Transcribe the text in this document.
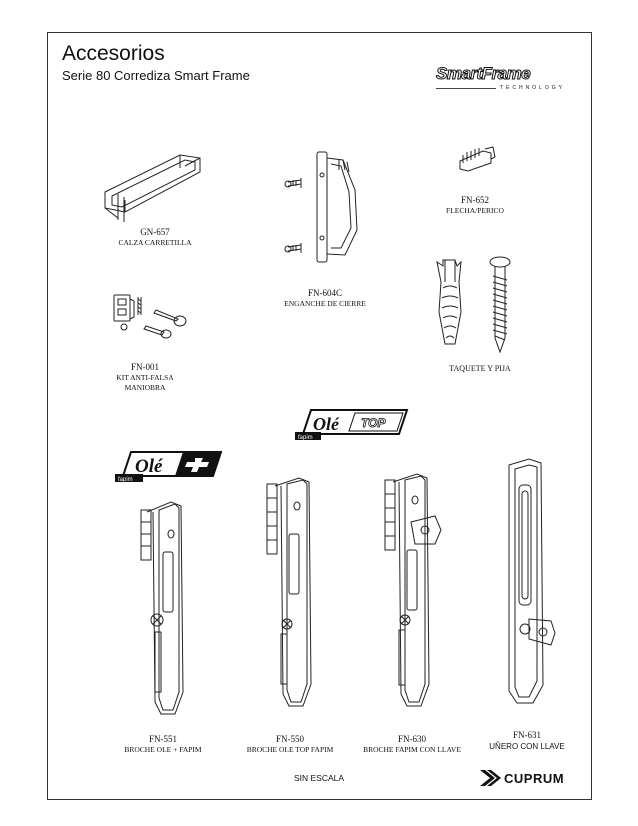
Accesorios
Serie 80 Corrediza Smart Frame	SmartFrame
TECHNOLOGY
GN-657
CALZA CARRETILLA
FN-604C
ENGANCHE DE CIERRE
FN-652
FLECHA/PERICO
FN-001
KIT ANTI-FALSA
MANIOBRA
TAQUETE Y PIJA
Olé TOP
fapim
Olé
fapim
FN-551
BROCHE OLE + FAPIM
FN-550
BROCHE OLE TOP FAPIM
FN-630
BROCHE FAPIM CON LLAVE
FN-631
UÑERO CON LLAVE
SIN ESCALA	CUPRUM
